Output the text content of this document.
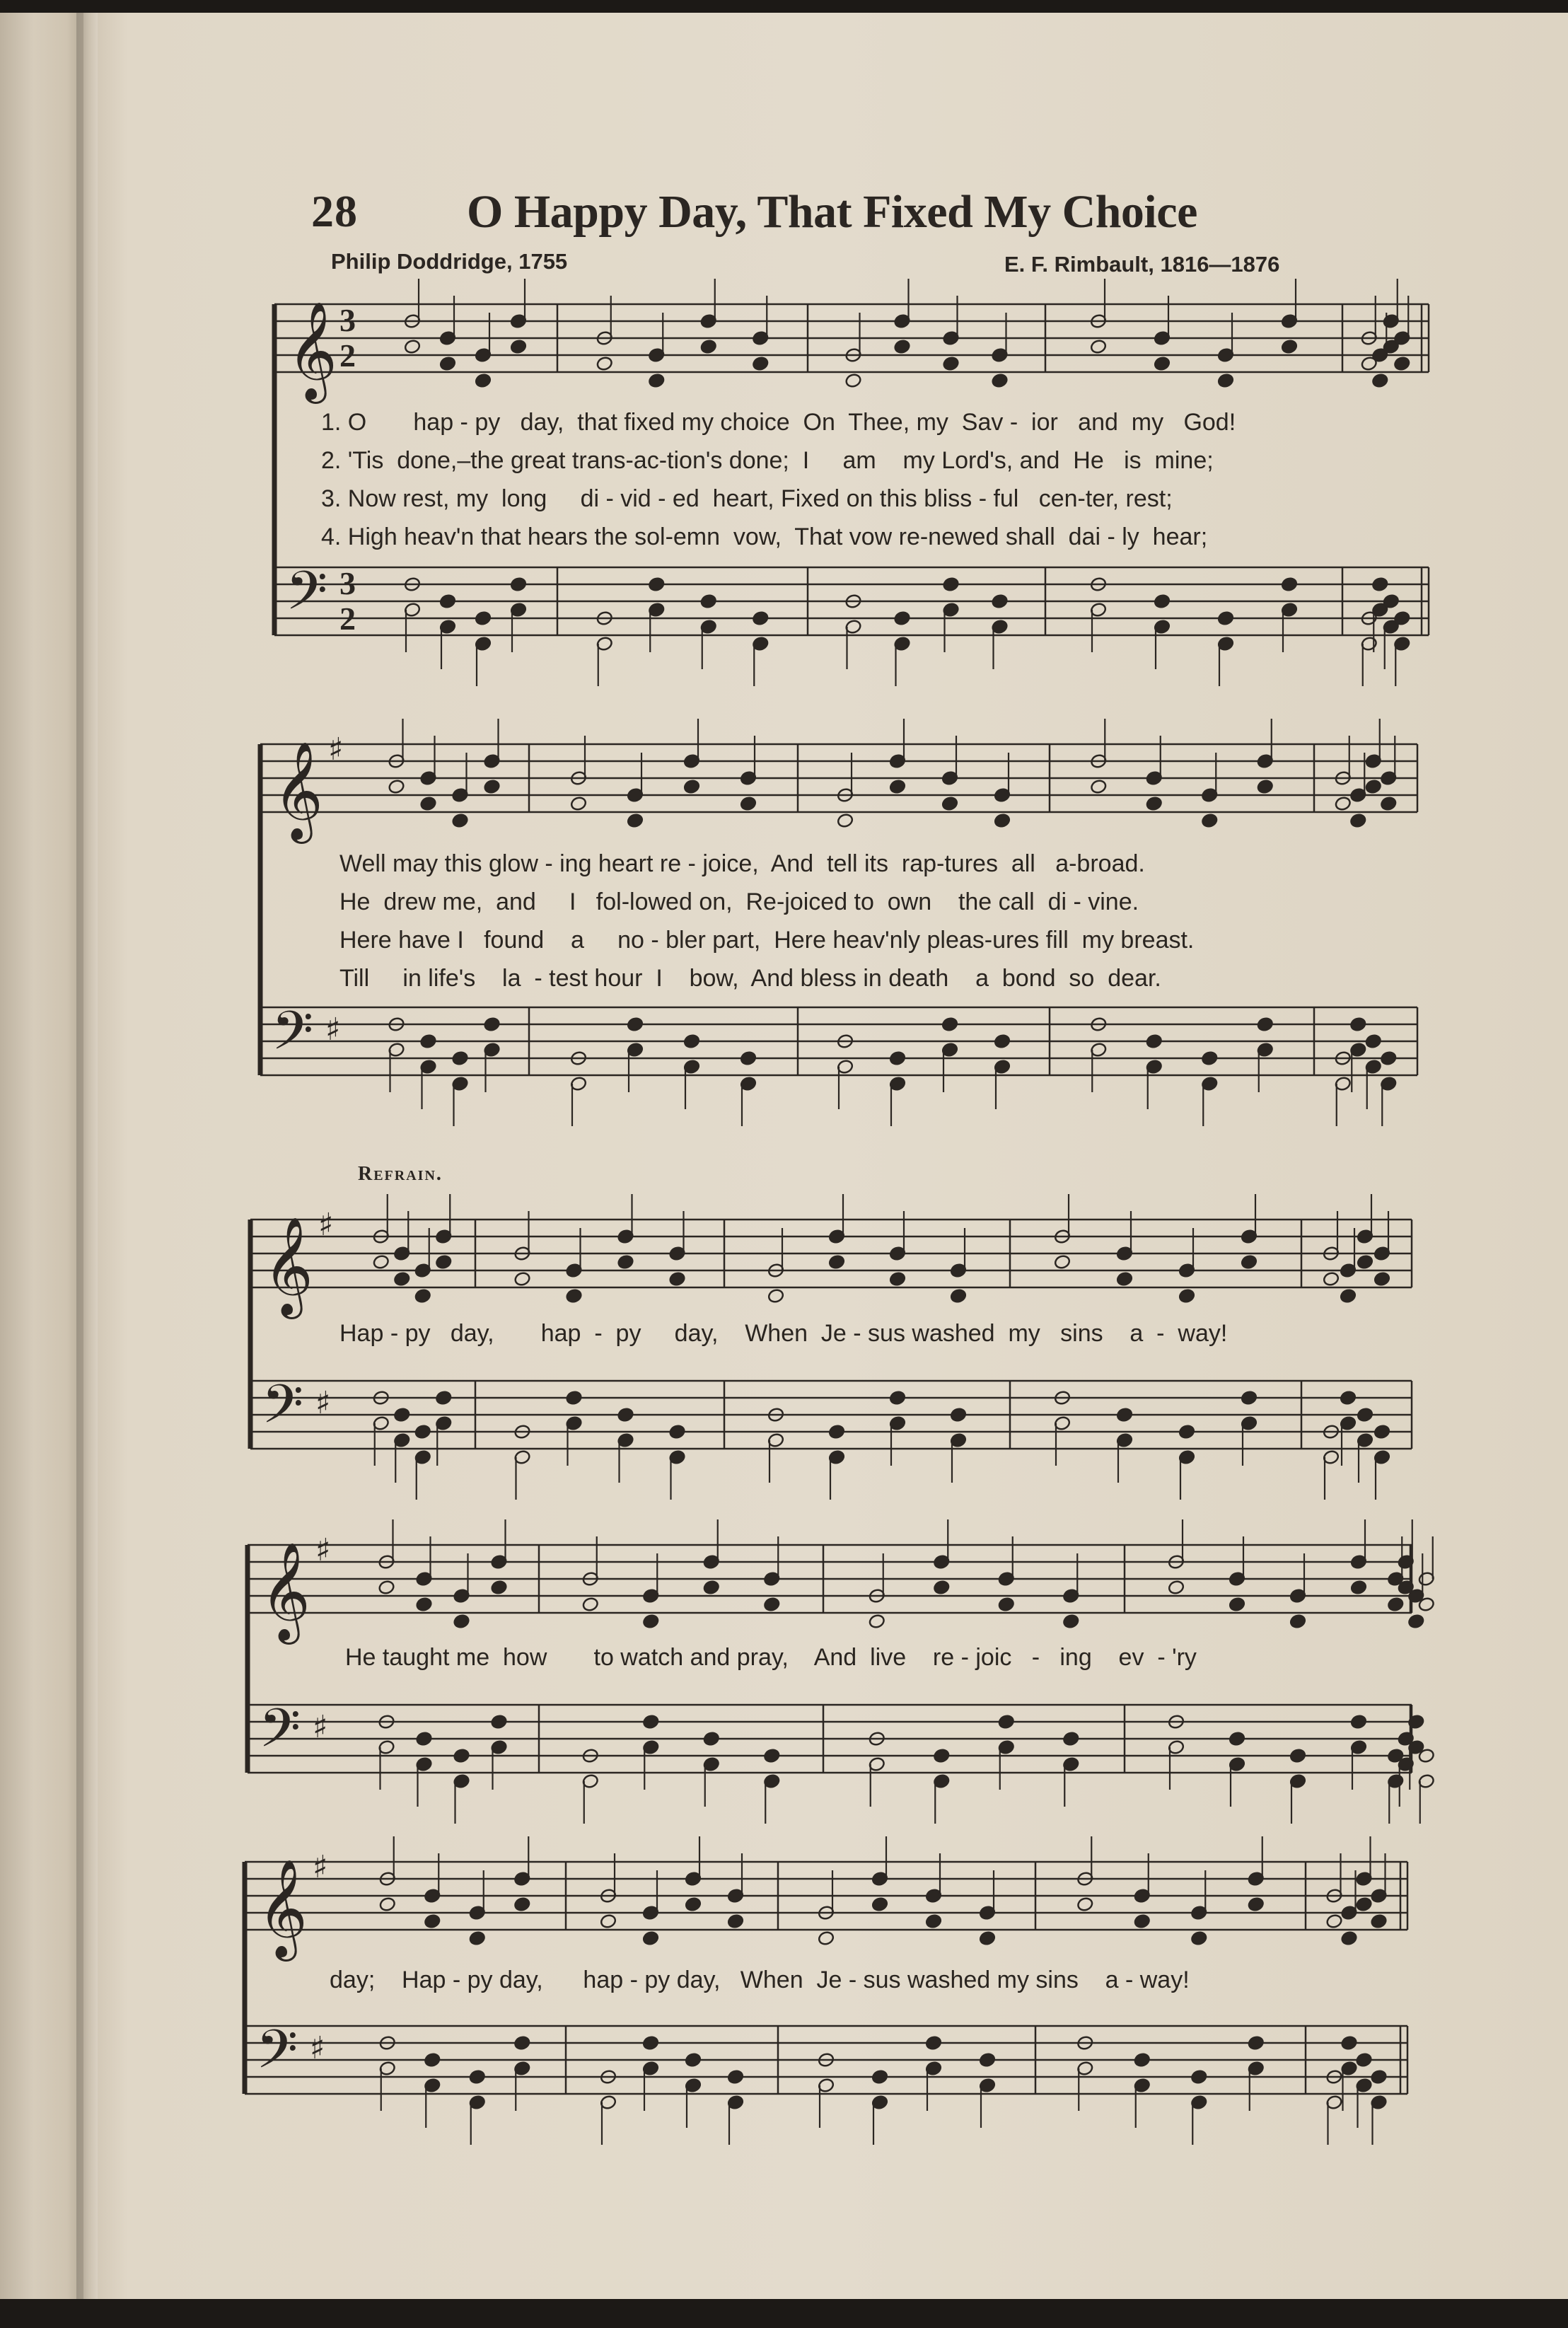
28 O Happy Day, That Fixed My Choice
Philip Doddridge, 1755	E. F. Rimbault, 1816—1876
𝄞
𝄢
𝄞
𝄢
♯
♯
𝄞
𝄢
♯
♯
𝄞
𝄢
♯
♯
𝄞
𝄢
♯
♯
3
2
3
2
1. O       hap - py   day,  that fixed my choice  On  Thee, my  Sav -  ior   and  my   God!
2. 'Tis  done,–the great trans-ac-tion's done;  I     am    my Lord's, and  He   is  mine;
3. Now rest, my  long     di - vid - ed  heart, Fixed on this bliss - ful   cen-ter, rest;
4. High heav'n that hears the sol-emn  vow,  That vow re-newed shall  dai - ly  hear;
Well may this glow - ing heart re - joice,  And  tell its  rap-tures  all   a-broad.
He  drew me,  and     I   fol-lowed on,  Re-joiced to  own    the call  di - vine.
Here have I   found    a     no - bler part,  Here heav'nly pleas-ures fill  my breast.
Till     in life's    la  - test hour  I    bow,  And bless in death    a  bond  so  dear.
Refrain.
Hap - py   day,       hap  -  py     day,    When  Je - sus washed  my   sins    a  -  way!
He taught me  how       to watch and pray,    And  live    re - joic   -   ing    ev  - 'ry
day;    Hap - py day,      hap - py day,   When  Je - sus washed my sins    a - way!
